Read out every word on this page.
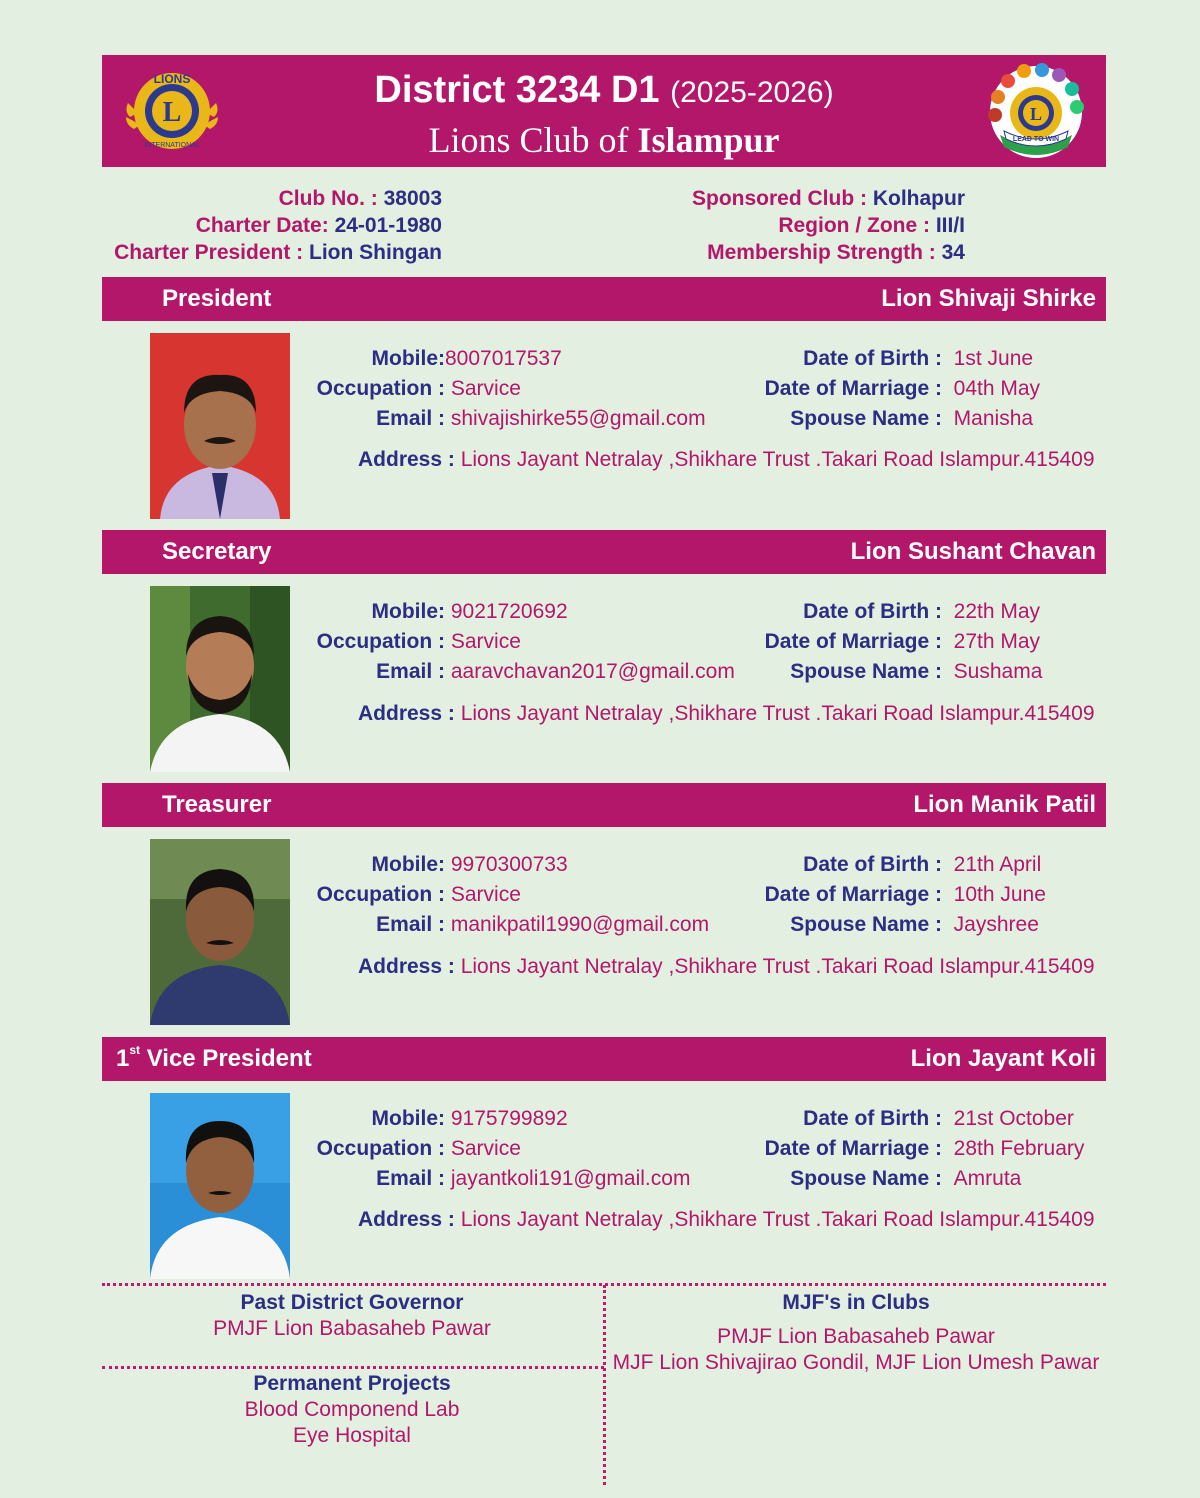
L
LIONS
INTERNATIONAL
District 3234 D1 (2025-2026)
Lions Club of Islampur
L
LEAD TO WIN
Club No. : 38003
Charter Date: 24-01-1980
Charter President : Lion Shingan
Sponsored Club : Kolhapur
Region / Zone : III/I
Membership Strength : 34
President	Lion Shivaji Shirke
Mobile:8007017537
Occupation : Sarvice
Email : shivajishirke55@gmail.com
Date of Birth : 1st June
Date of Marriage : 04th May
Spouse Name : Manisha
Address : Lions Jayant Netralay ,Shikhare Trust .Takari Road Islampur.415409
Secretary	Lion Sushant Chavan
Mobile: 9021720692
Occupation : Sarvice
Email : aaravchavan2017@gmail.com
Date of Birth : 22th May
Date of Marriage : 27th May
Spouse Name : Sushama
Address : Lions Jayant Netralay ,Shikhare Trust .Takari Road Islampur.415409
Treasurer	Lion Manik Patil
Mobile: 9970300733
Occupation : Sarvice
Email : manikpatil1990@gmail.com
Date of Birth : 21th April
Date of Marriage : 10th June
Spouse Name : Jayshree
Address : Lions Jayant Netralay ,Shikhare Trust .Takari Road Islampur.415409
1st Vice President	Lion Jayant Koli
Mobile: 9175799892
Occupation : Sarvice
Email : jayantkoli191@gmail.com
Date of Birth : 21st October
Date of Marriage : 28th February
Spouse Name : Amruta
Address : Lions Jayant Netralay ,Shikhare Trust .Takari Road Islampur.415409
Past District Governor
PMJF Lion Babasaheb Pawar
Permanent Projects
Blood Componend Lab
Eye Hospital
MJF's in Clubs
PMJF Lion Babasaheb Pawar
MJF Lion Shivajirao Gondil, MJF Lion Umesh Pawar
